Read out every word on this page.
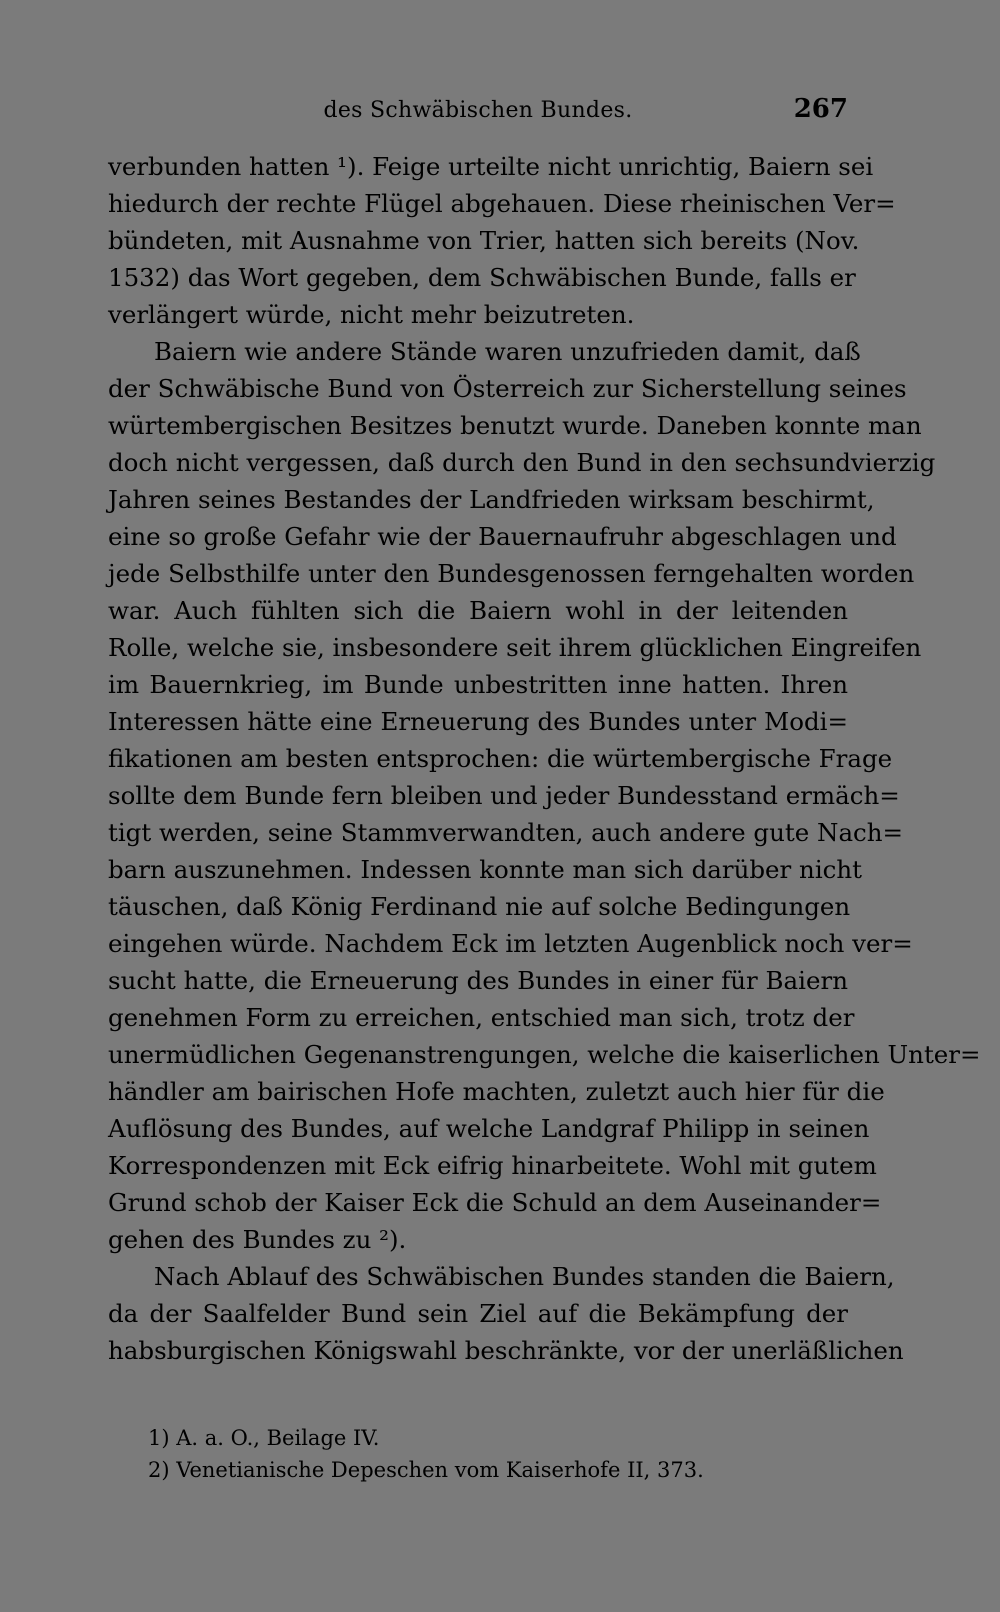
des Schwäbischen Bundes.	267
verbunden hatten ¹). Feige urteilte nicht unrichtig, Baiern sei
hiedurch der rechte Flügel abgehauen. Diese rheinischen Ver=
bündeten, mit Ausnahme von Trier, hatten sich bereits (Nov.
1532) das Wort gegeben, dem Schwäbischen Bunde, falls er
verlängert würde, nicht mehr beizutreten.
Baiern wie andere Stände waren unzufrieden damit, daß
der Schwäbische Bund von Österreich zur Sicherstellung seines
würtembergischen Besitzes benutzt wurde. Daneben konnte man
doch nicht vergessen, daß durch den Bund in den sechsundvierzig
Jahren seines Bestandes der Landfrieden wirksam beschirmt,
eine so große Gefahr wie der Bauernaufruhr abgeschlagen und
jede Selbsthilfe unter den Bundesgenossen ferngehalten worden
war. Auch fühlten sich die Baiern wohl in der leitenden
Rolle, welche sie, insbesondere seit ihrem glücklichen Eingreifen
im Bauernkrieg, im Bunde unbestritten inne hatten. Ihren
Interessen hätte eine Erneuerung des Bundes unter Modi=
fikationen am besten entsprochen: die würtembergische Frage
sollte dem Bunde fern bleiben und jeder Bundesstand ermäch=
tigt werden, seine Stammverwandten, auch andere gute Nach=
barn auszunehmen. Indessen konnte man sich darüber nicht
täuschen, daß König Ferdinand nie auf solche Bedingungen
eingehen würde. Nachdem Eck im letzten Augenblick noch ver=
sucht hatte, die Erneuerung des Bundes in einer für Baiern
genehmen Form zu erreichen, entschied man sich, trotz der
unermüdlichen Gegenanstrengungen, welche die kaiserlichen Unter=
händler am bairischen Hofe machten, zuletzt auch hier für die
Auflösung des Bundes, auf welche Landgraf Philipp in seinen
Korrespondenzen mit Eck eifrig hinarbeitete. Wohl mit gutem
Grund schob der Kaiser Eck die Schuld an dem Auseinander=
gehen des Bundes zu ²).
Nach Ablauf des Schwäbischen Bundes standen die Baiern,
da der Saalfelder Bund sein Ziel auf die Bekämpfung der
habsburgischen Königswahl beschränkte, vor der unerläßlichen
1) A. a. O., Beilage IV.
2) Venetianische Depeschen vom Kaiserhofe II, 373.
